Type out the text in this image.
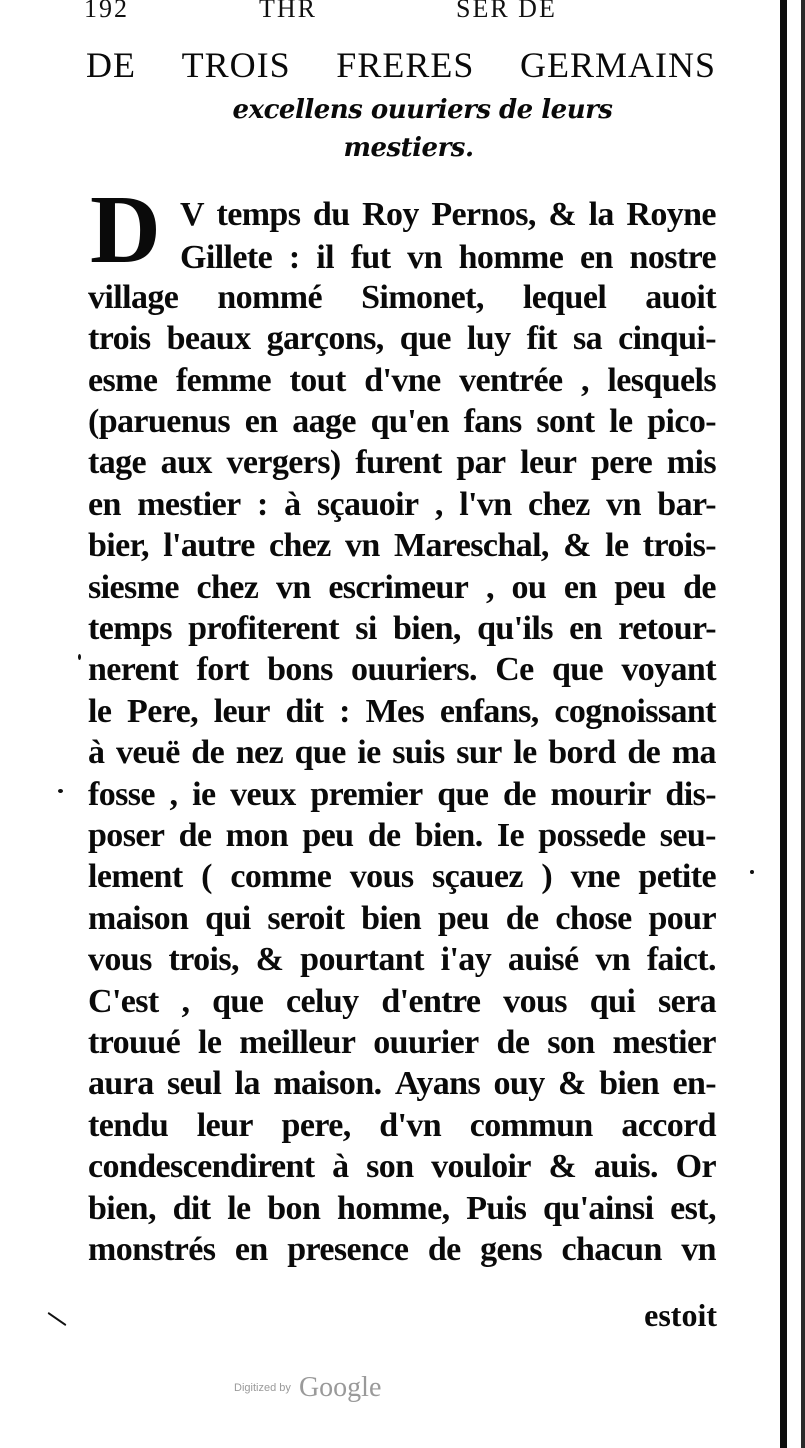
192	THR	SER DE
DE TROIS FRERES GERMAINS
excellens ouuriers de leurs
mestiers.
D V temps du Roy Pernos, & la Royne
Gillete : il fut vn homme en nostre
village nommé Simonet, lequel auoit
trois beaux garçons, que luy fit sa cinqui-
esme femme tout d'vne ventrée , lesquels
(paruenus en aage qu'en fans sont le pico-
tage aux vergers) furent par leur pere mis
en mestier : à sçauoir , l'vn chez vn bar-
bier, l'autre chez vn Mareschal, & le trois-
siesme chez vn escrimeur , ou en peu de
temps profiterent si bien, qu'ils en retour-
nerent fort bons ouuriers. Ce que voyant
le Pere, leur dit : Mes enfans, cognoissant
à veuë de nez que ie suis sur le bord de ma
fosse , ie veux premier que de mourir dis-
poser de mon peu de bien. Ie possede seu-
lement ( comme vous sçauez ) vne petite
maison qui seroit bien peu de chose pour
vous trois, & pourtant i'ay auisé vn faict.
C'est , que celuy d'entre vous qui sera
trouué le meilleur ouurier de son mestier
aura seul la maison. Ayans ouy & bien en-
tendu leur pere, d'vn commun accord
condescendirent à son vouloir & auis. Or
bien, dit le bon homme, Puis qu'ainsi est,
monstrés en presence de gens chacun vn
estoit
Digitized by Google
